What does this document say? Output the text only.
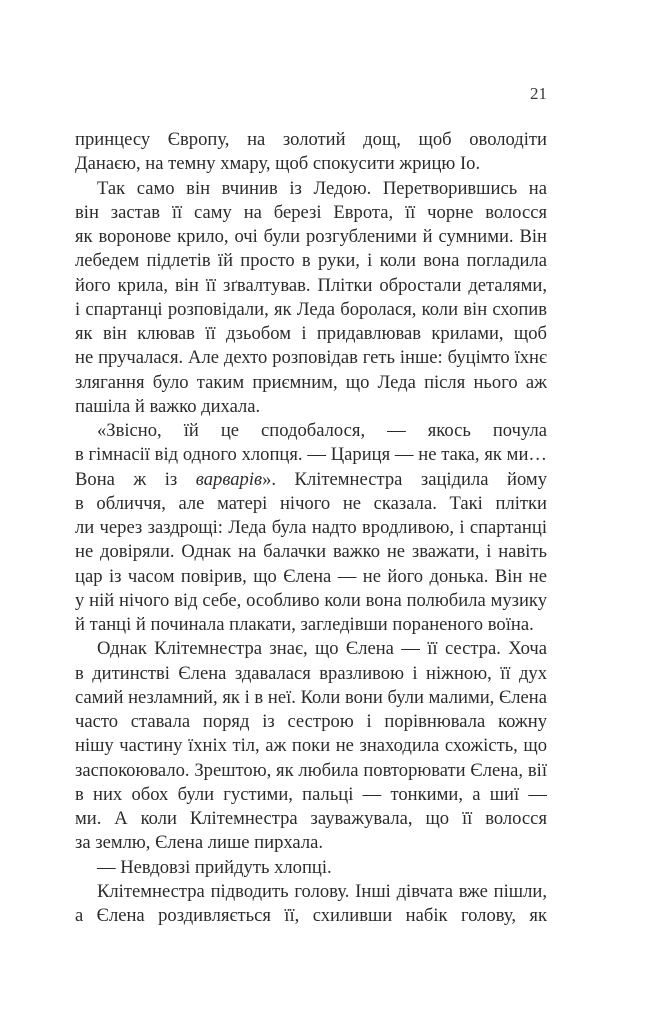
21
принцесу Європу, на золотий дощ, щоб оволодіти
Данаєю, на темну хмару, щоб спокусити жрицю Іо.
Так само він вчинив із Ледою. Перетворившись на
він застав її саму на березі Еврота, її чорне волосся
як воронове крило, очі були розгубленими й сумними. Він
лебедем підлетів їй просто в руки, і коли вона погладила
його крила, він її зґвалтував. Плітки обростали деталями,
і спартанці розповідали, як Леда боролася, коли він схопив
як він клював її дзьобом і придавлював крилами, щоб
не пручалася. Але дехто розповідав геть інше: буцімто їхнє
злягання було таким приємним, що Леда після нього аж
пашіла й важко дихала.
«Звісно, їй це сподобалося, — якось почула
в гімнасії від одного хлопця. — Цариця — не така, як ми…
Вона ж із варварів». Клітемнестра зацідила йому
в обличчя, але матері нічого не сказала. Такі плітки
ли через заздрощі: Леда була надто вродливою, і спартанці
не довіряли. Однак на балачки важко не зважати, і навіть
цар із часом повірив, що Єлена — не його донька. Він не
у ній нічого від себе, особливо коли вона полюбила музику
й танці й починала плакати, загледівши пораненого воїна.
Однак Клітемнестра знає, що Єлена — її сестра. Хоча
в дитинстві Єлена здавалася вразливою і ніжною, її дух
самий незламний, як і в неї. Коли вони були малими, Єлена
часто ставала поряд із сестрою і порівнювала кожну
нішу частину їхніх тіл, аж поки не знаходила схожість, що
заспокоювало. Зрештою, як любила повторювати Єлена, вії
в них обох були густими, пальці — тонкими, а шиї —
ми. А коли Клітемнестра зауважувала, що її волосся
за землю, Єлена лише пирхала.
— Невдовзі прийдуть хлопці.
Клітемнестра підводить голову. Інші дівчата вже пішли,
а Єлена роздивляється її, схиливши набік голову, як
